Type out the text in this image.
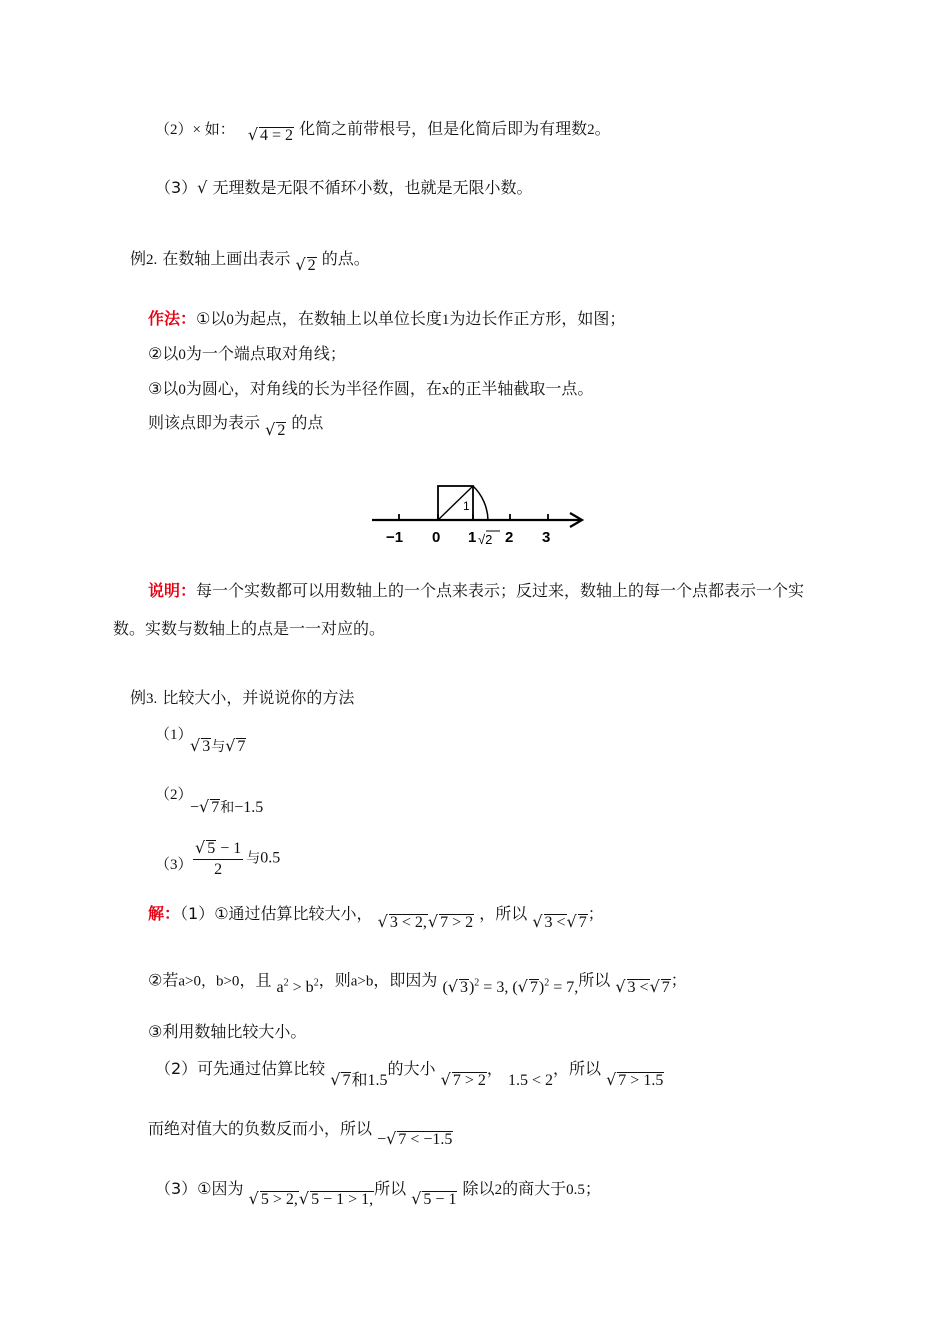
（2）× 如： √ 4 = 2 化简之前带根号，但是化简后即为有理数2。
（3）√ 无理数是无限不循环小数，也就是无限小数。
例2. 在数轴上画出表示 √ 2 的点。
作法：①以0为起点，在数轴上以单位长度1为边长作正方形，如图；
②以0为一个端点取对角线；
③以0为圆心，对角线的长为半径作圆，在x的正半轴截取一点。
则该点即为表示 √ 2 的点
1
−1 0 1 √2 2 3
说明：每一个实数都可以用数轴上的一个点来表示；反过来，数轴上的每一个点都表示一个实
数。实数与数轴上的点是一一对应的。
例3. 比较大小，并说说你的方法
（1）
√ 3与√ 7
（2）
−√ 7和−1.5
$(3) \frac{√ 5 - 1}{2}$ 与0.5
解：（1）①通过估算比较大小， √ 3 < 2,√ 7 > 2 ，所以 √ 3 <√ 7；
②若a>0，b>0，且 $a^2 > b^2$，则a>b，即因为 (√ 3)$^2$ = 3, (√ 7)$^2$ = 7,所以 √ 3 <√ 7；
③利用数轴比较大小。
（2）可先通过估算比较 √ 7和1.5的大小 √ 7 > 2， 1.5 < 2，所以 √ 7 > 1.5
而绝对值大的负数反而小，所以 −√ 7 < −1.5
（3）①因为 √ 5 > 2,√ 5 − 1 > 1,所以 √ 5 − 1 除以2的商大于0.5；
